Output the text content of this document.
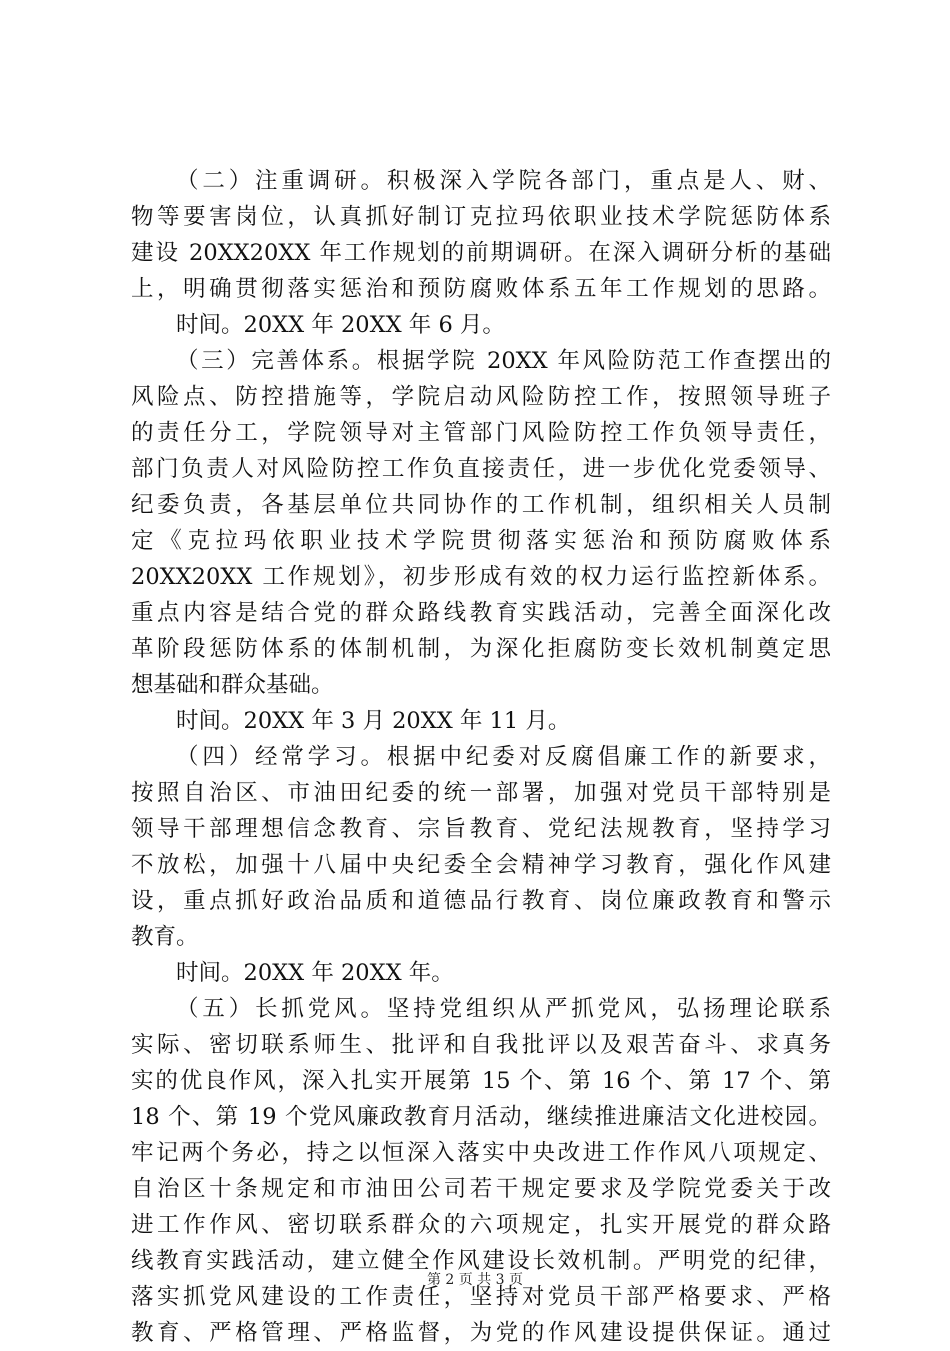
（二）注重调研。积极深入学院各部门，重点是人、财、
物等要害岗位，认真抓好制订克拉玛依职业技术学院惩防体系
建设 20XX20XX 年工作规划的前期调研。在深入调研分析的基础
上，明确贯彻落实惩治和预防腐败体系五年工作规划的思路。
时间。20XX 年 20XX 年 6 月。
（三）完善体系。根据学院 20XX 年风险防范工作查摆出的
风险点、防控措施等，学院启动风险防控工作，按照领导班子
的责任分工，学院领导对主管部门风险防控工作负领导责任，
部门负责人对风险防控工作负直接责任，进一步优化党委领导、
纪委负责，各基层单位共同协作的工作机制，组织相关人员制
定《克拉玛依职业技术学院贯彻落实惩治和预防腐败体系
20XX20XX 工作规划》，初步形成有效的权力运行监控新体系。
重点内容是结合党的群众路线教育实践活动，完善全面深化改
革阶段惩防体系的体制机制，为深化拒腐防变长效机制奠定思
想基础和群众基础。
时间。20XX 年 3 月 20XX 年 11 月。
（四）经常学习。根据中纪委对反腐倡廉工作的新要求，
按照自治区、市油田纪委的统一部署，加强对党员干部特别是
领导干部理想信念教育、宗旨教育、党纪法规教育，坚持学习
不放松，加强十八届中央纪委全会精神学习教育，强化作风建
设，重点抓好政治品质和道德品行教育、岗位廉政教育和警示
教育。
时间。20XX 年 20XX 年。
（五）长抓党风。坚持党组织从严抓党风，弘扬理论联系
实际、密切联系师生、批评和自我批评以及艰苦奋斗、求真务
实的优良作风，深入扎实开展第 15 个、第 16 个、第 17 个、第
18 个、第 19 个党风廉政教育月活动，继续推进廉洁文化进校园。
牢记两个务必，持之以恒深入落实中央改进工作作风八项规定、
自治区十条规定和市油田公司若干规定要求及学院党委关于改
进工作作风、密切联系群众的六项规定，扎实开展党的群众路
线教育实践活动，建立健全作风建设长效机制。严明党的纪律，
落实抓党风建设的工作责任，坚持对党员干部严格要求、严格
教育、严格管理、严格监督，为党的作风建设提供保证。通过
第 2 页 共 3 页
